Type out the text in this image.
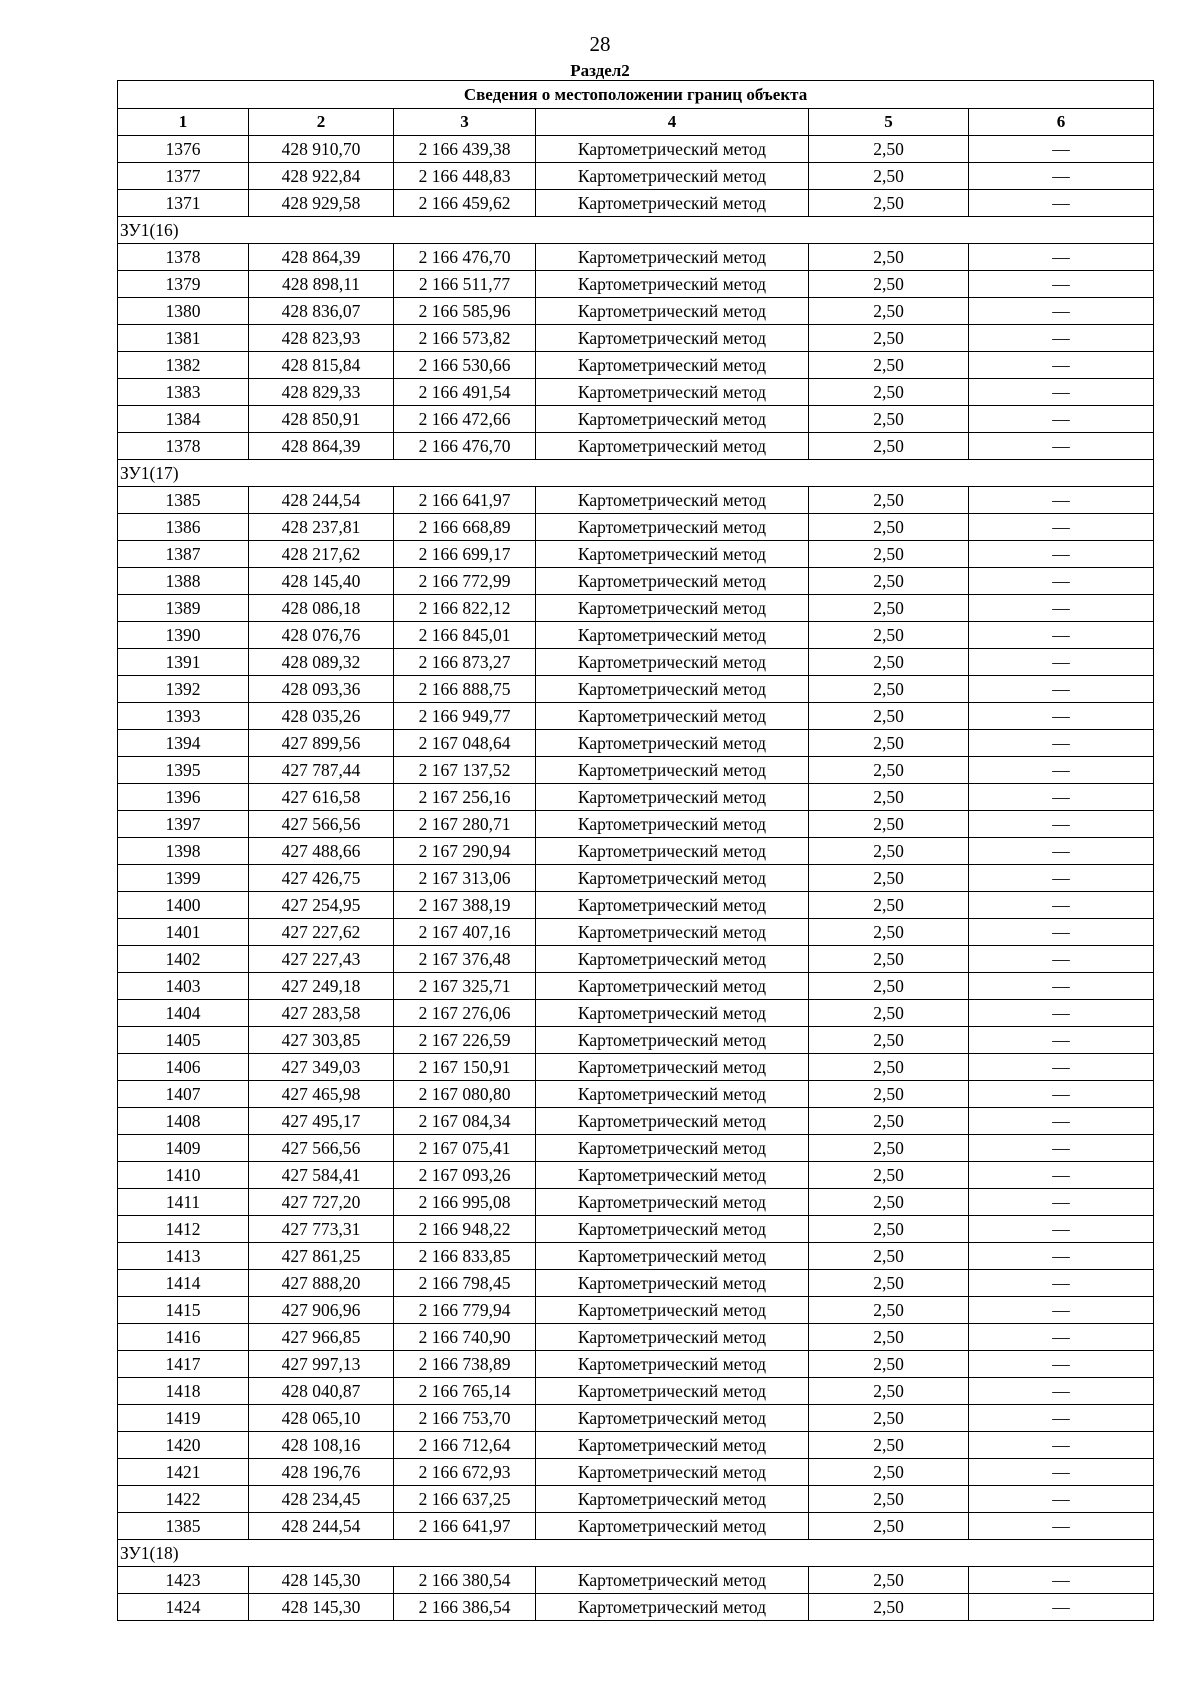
28
Раздел2
Сведения о местоположении границ объекта					
1	2	3	4	5	6
1376	428 910,70	2 166 439,38	Картометрический метод	2,50	—
1377	428 922,84	2 166 448,83	Картометрический метод	2,50	—
1371	428 929,58	2 166 459,62	Картометрический метод	2,50	—
ЗУ1(16)					
1378	428 864,39	2 166 476,70	Картометрический метод	2,50	—
1379	428 898,11	2 166 511,77	Картометрический метод	2,50	—
1380	428 836,07	2 166 585,96	Картометрический метод	2,50	—
1381	428 823,93	2 166 573,82	Картометрический метод	2,50	—
1382	428 815,84	2 166 530,66	Картометрический метод	2,50	—
1383	428 829,33	2 166 491,54	Картометрический метод	2,50	—
1384	428 850,91	2 166 472,66	Картометрический метод	2,50	—
1378	428 864,39	2 166 476,70	Картометрический метод	2,50	—
ЗУ1(17)					
1385	428 244,54	2 166 641,97	Картометрический метод	2,50	—
1386	428 237,81	2 166 668,89	Картометрический метод	2,50	—
1387	428 217,62	2 166 699,17	Картометрический метод	2,50	—
1388	428 145,40	2 166 772,99	Картометрический метод	2,50	—
1389	428 086,18	2 166 822,12	Картометрический метод	2,50	—
1390	428 076,76	2 166 845,01	Картометрический метод	2,50	—
1391	428 089,32	2 166 873,27	Картометрический метод	2,50	—
1392	428 093,36	2 166 888,75	Картометрический метод	2,50	—
1393	428 035,26	2 166 949,77	Картометрический метод	2,50	—
1394	427 899,56	2 167 048,64	Картометрический метод	2,50	—
1395	427 787,44	2 167 137,52	Картометрический метод	2,50	—
1396	427 616,58	2 167 256,16	Картометрический метод	2,50	—
1397	427 566,56	2 167 280,71	Картометрический метод	2,50	—
1398	427 488,66	2 167 290,94	Картометрический метод	2,50	—
1399	427 426,75	2 167 313,06	Картометрический метод	2,50	—
1400	427 254,95	2 167 388,19	Картометрический метод	2,50	—
1401	427 227,62	2 167 407,16	Картометрический метод	2,50	—
1402	427 227,43	2 167 376,48	Картометрический метод	2,50	—
1403	427 249,18	2 167 325,71	Картометрический метод	2,50	—
1404	427 283,58	2 167 276,06	Картометрический метод	2,50	—
1405	427 303,85	2 167 226,59	Картометрический метод	2,50	—
1406	427 349,03	2 167 150,91	Картометрический метод	2,50	—
1407	427 465,98	2 167 080,80	Картометрический метод	2,50	—
1408	427 495,17	2 167 084,34	Картометрический метод	2,50	—
1409	427 566,56	2 167 075,41	Картометрический метод	2,50	—
1410	427 584,41	2 167 093,26	Картометрический метод	2,50	—
1411	427 727,20	2 166 995,08	Картометрический метод	2,50	—
1412	427 773,31	2 166 948,22	Картометрический метод	2,50	—
1413	427 861,25	2 166 833,85	Картометрический метод	2,50	—
1414	427 888,20	2 166 798,45	Картометрический метод	2,50	—
1415	427 906,96	2 166 779,94	Картометрический метод	2,50	—
1416	427 966,85	2 166 740,90	Картометрический метод	2,50	—
1417	427 997,13	2 166 738,89	Картометрический метод	2,50	—
1418	428 040,87	2 166 765,14	Картометрический метод	2,50	—
1419	428 065,10	2 166 753,70	Картометрический метод	2,50	—
1420	428 108,16	2 166 712,64	Картометрический метод	2,50	—
1421	428 196,76	2 166 672,93	Картометрический метод	2,50	—
1422	428 234,45	2 166 637,25	Картометрический метод	2,50	—
1385	428 244,54	2 166 641,97	Картометрический метод	2,50	—
ЗУ1(18)					
1423	428 145,30	2 166 380,54	Картометрический метод	2,50	—
1424	428 145,30	2 166 386,54	Картометрический метод	2,50	—
